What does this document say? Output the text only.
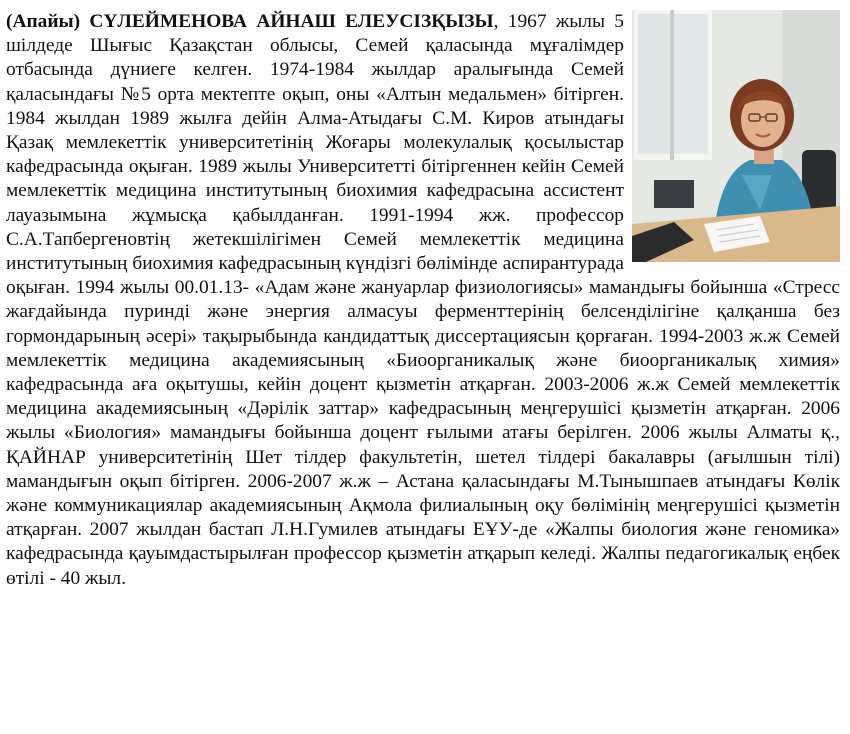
(Апайы) СҮЛЕЙМЕНОВА АЙНАШ ЕЛЕУСІЗҚЫЗЫ, 1967 жылы 5 шілдеде Шығыс Қазақстан облысы, Семей қаласында мұғалімдер отбасында дүниеге келген. 1974-1984 жылдар аралығында Семей қаласындағы №5 орта мектепте оқып, оны «Алтын медальмен» бітірген. 1984 жылдан 1989 жылға дейін Алма-Атыдағы С.М. Киров атындағы Қазақ мемлекеттік университетінің Жоғары молекулалық қосылыстар кафедрасында оқыған. 1989 жылы Университетті бітіргеннен кейін Семей мемлекеттік медицина институтының биохимия кафедрасына ассистент лауазымына жұмысқа қабылданған. 1991-1994 жж. профессор С.А.Тапбергеновтің жетекшілігімен Семей мемлекеттік медицина институтының биохимия кафедрасының күндізгі бөлімінде аспирантурада оқыған. 1994 жылы 00.01.13- «Адам және жануарлар физиологиясы» мамандығы бойынша «Стресс жағдайында пуринді және энергия алмасуы ферменттерінің белсенділігіне қалқанша без гормондарының әсері» тақырыбында кандидаттық диссертациясын қорғаған. 1994-2003 ж.ж Семей мемлекеттік медицина академиясының «Биоорганикалық және биоорганикалық химия» кафедрасында аға оқытушы, кейін доцент қызметін атқарған. 2003-2006 ж.ж Семей мемлекеттік медицина академиясының «Дәрілік заттар» кафедрасының меңгерушісі қызметін атқарған. 2006 жылы «Биология» мамандығы бойынша доцент ғылыми атағы берілген. 2006 жылы Алматы қ., ҚАЙНАР университетінің Шет тілдер факультетін, шетел тілдері бакалавры (ағылшын тілі) мамандығын оқып бітірген. 2006-2007 ж.ж – Астана қаласындағы М.Тынышпаев атындағы Көлік және коммуникациялар академиясының Ақмола филиалының оқу бөлімінің меңгерушісі қызметін атқарған. 2007 жылдан бастап Л.Н.Гумилев атындағы ЕҰУ-де «Жалпы биология және геномика» кафедрасында қауымдастырылған профессор қызметін атқарып келеді. Жалпы педагогикалық еңбек өтілі - 40 жыл.
